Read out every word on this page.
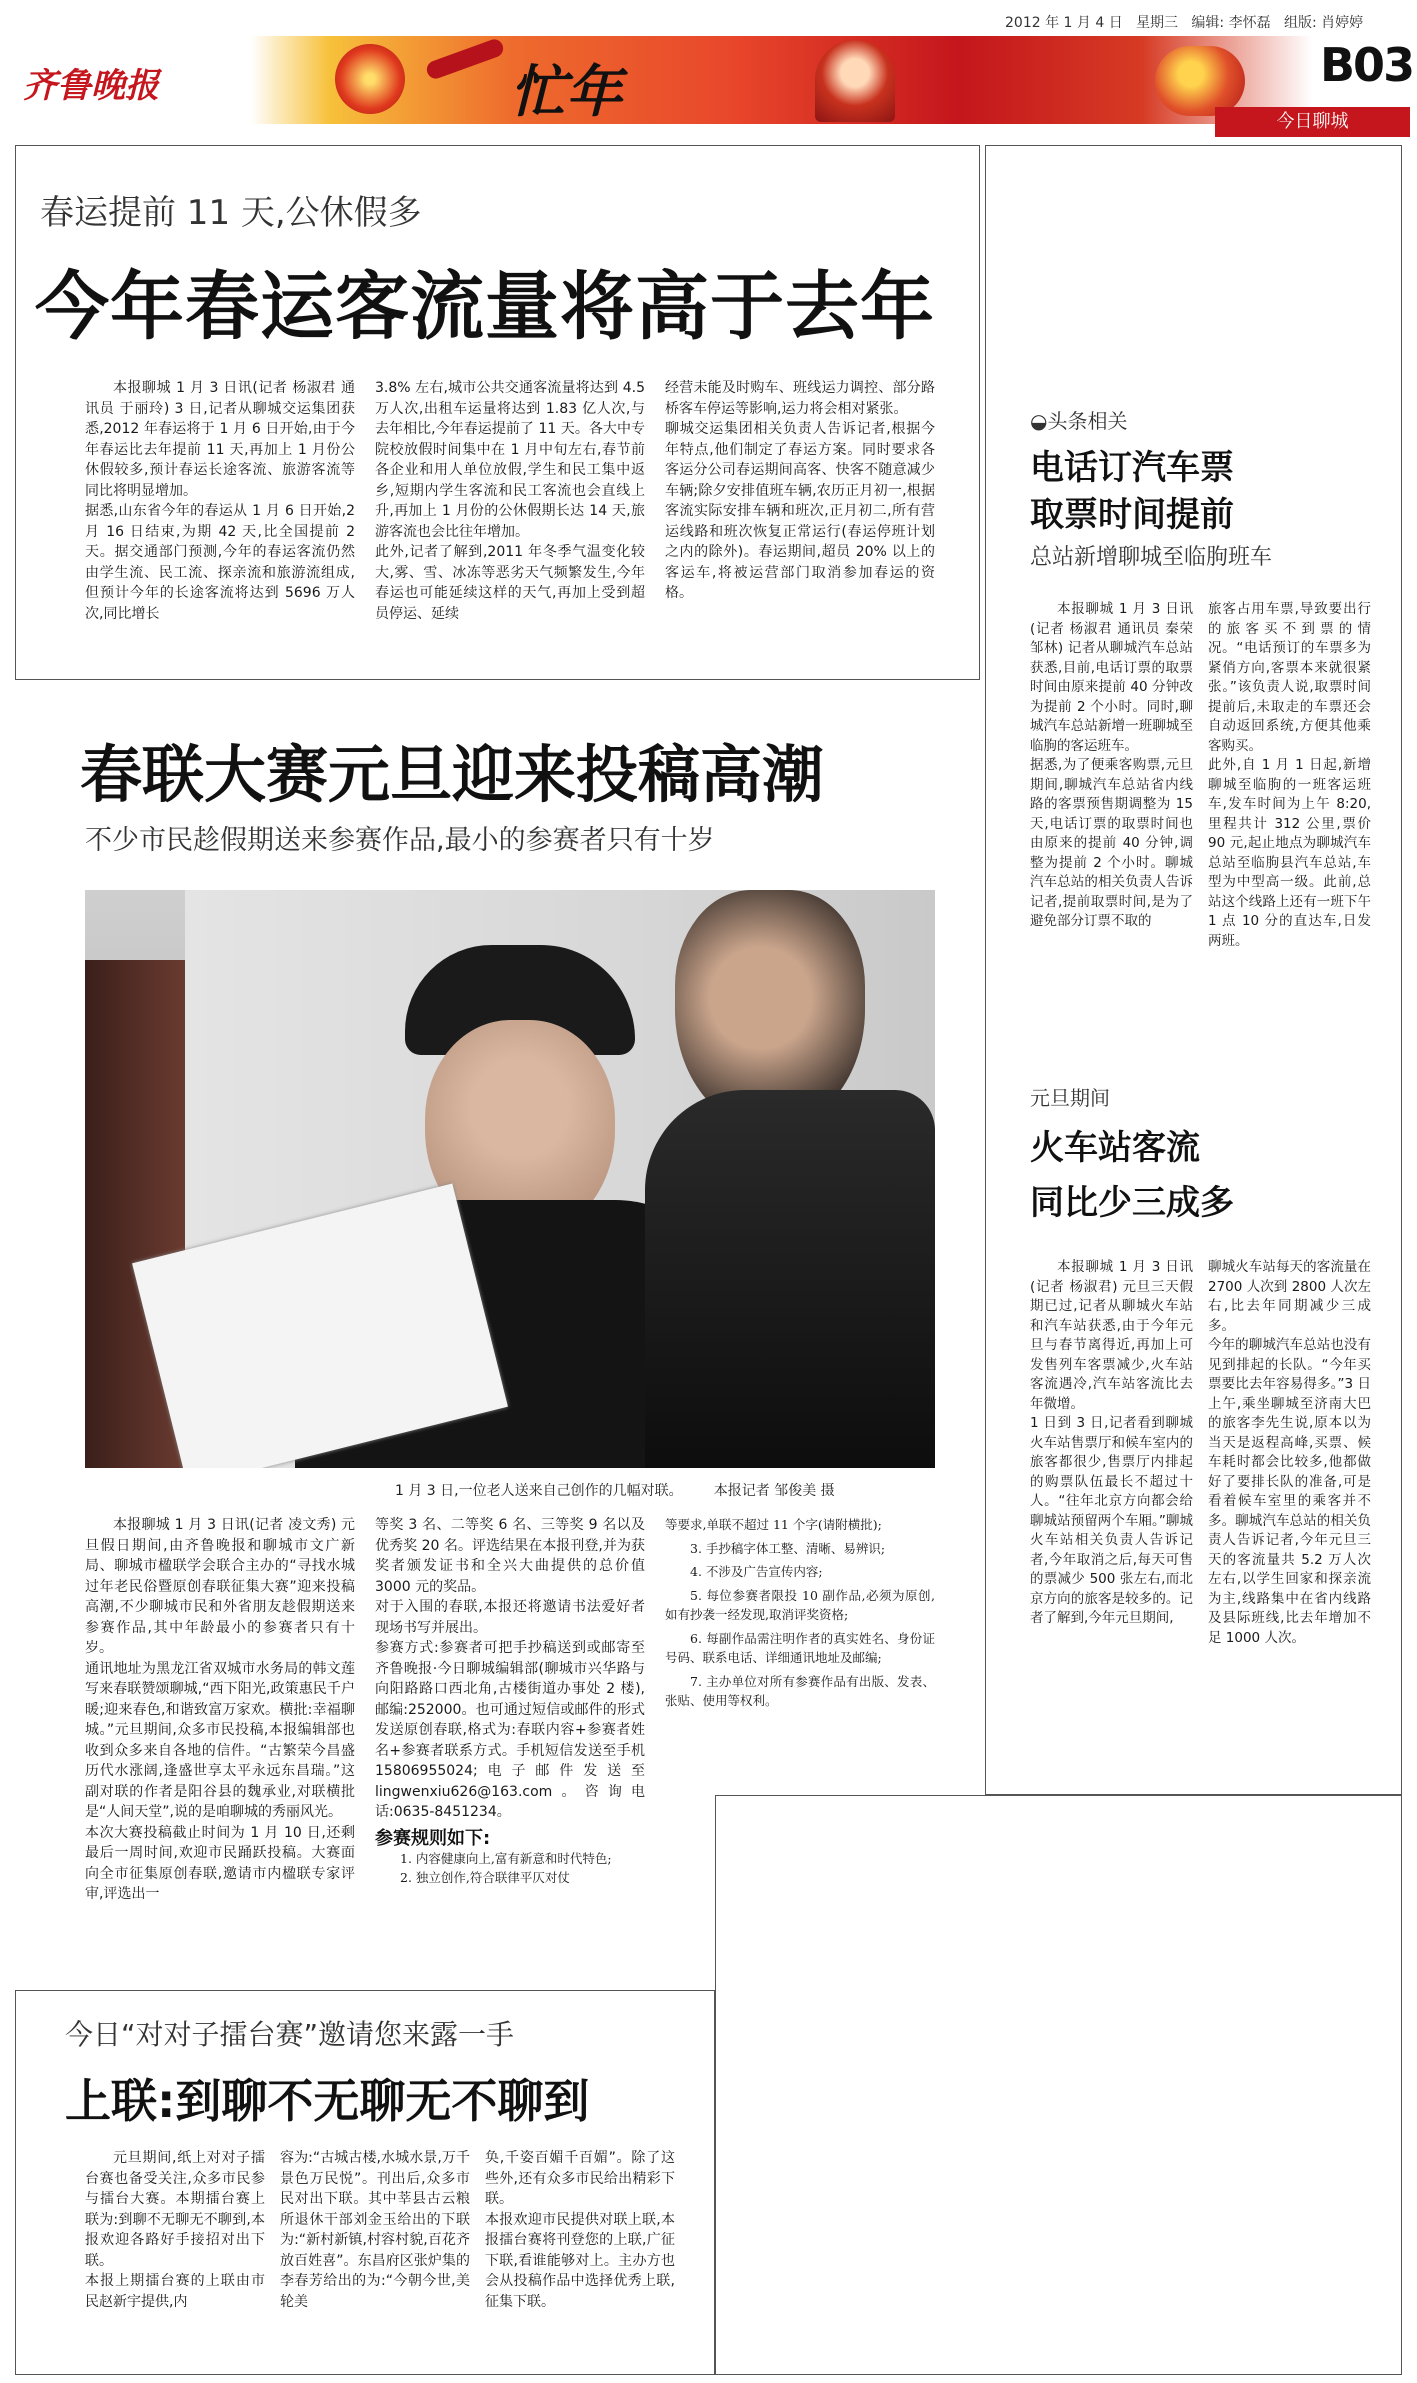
2012 年 1 月 4 日 星期三 编辑: 李怀磊 组版: 肖婷婷
齐鲁晚报	忙年	B03
今日聊城
春运提前 11 天,公休假多
今年春运客流量将高于去年

本报聊城 1 月 3 日讯(记者 杨淑君 通讯员 于丽玲) 3 日,记者从聊城交运集团获悉,2012 年春运将于 1 月 6 日开始,由于今年春运比去年提前 11 天,再加上 1 月份公休假较多,预计春运长途客流、旅游客流等同比将明显增加。
据悉,山东省今年的春运从 1 月 6 日开始,2 月 16 日结束,为期 42 天,比全国提前 2 天。据交通部门预测,今年的春运客流仍然由学生流、民工流、探亲流和旅游流组成,但预计今年的长途客流将达到 5696 万人次,同比增长

3.8% 左右,城市公共交通客流量将达到 4.5 万人次,出租车运量将达到 1.83 亿人次,与去年相比,今年春运提前了 11 天。各大中专院校放假时间集中在 1 月中旬左右,春节前各企业和用人单位放假,学生和民工集中返乡,短期内学生客流和民工客流也会直线上升,再加上 1 月份的公休假期长达 14 天,旅游客流也会比往年增加。
此外,记者了解到,2011 年冬季气温变化较大,雾、雪、冰冻等恶劣天气频繁发生,今年春运也可能延续这样的天气,再加上受到超员停运、延续

经营未能及时购车、班线运力调控、部分路桥客车停运等影响,运力将会相对紧张。
聊城交运集团相关负责人告诉记者,根据今年特点,他们制定了春运方案。同时要求各客运分公司春运期间高客、快客不随意减少车辆;除夕安排值班车辆,农历正月初一,根据客流实际安排车辆和班次,正月初二,所有营运线路和班次恢复正常运行(春运停班计划之内的除外)。春运期间,超员 20% 以上的客运车,将被运营部门取消参加春运的资格。

春联大赛元旦迎来投稿高潮
不少市民趁假期送来参赛作品,最小的参赛者只有十岁
1 月 3 日,一位老人送来自己创作的几幅对联。 本报记者 邹俊美 摄

本报聊城 1 月 3 日讯(记者 凌文秀) 元旦假日期间,由齐鲁晚报和聊城市文广新局、聊城市楹联学会联合主办的“寻找水城过年老民俗暨原创春联征集大赛”迎来投稿高潮,不少聊城市民和外省朋友趁假期送来参赛作品,其中年龄最小的参赛者只有十岁。
通讯地址为黑龙江省双城市水务局的韩文莲写来春联赞颂聊城,“西下阳光,政策惠民千户暖;迎来春色,和谐致富万家欢。横批:幸福聊城。”元旦期间,众多市民投稿,本报编辑部也收到众多来自各地的信件。“古繁荣今昌盛历代水涨阔,逢盛世享太平永远东昌瑞。”这副对联的作者是阳谷县的魏承业,对联横批是“人间天堂”,说的是咱聊城的秀丽风光。
本次大赛投稿截止时间为 1 月 10 日,还剩最后一周时间,欢迎市民踊跃投稿。大赛面向全市征集原创春联,邀请市内楹联专家评审,评选出一

等奖 3 名、二等奖 6 名、三等奖 9 名以及优秀奖 20 名。评选结果在本报刊登,并为获奖者颁发证书和全兴大曲提供的总价值 3000 元的奖品。
对于入围的春联,本报还将邀请书法爱好者现场书写并展出。
参赛方式:参赛者可把手抄稿送到或邮寄至齐鲁晚报·今日聊城编辑部(聊城市兴华路与向阳路路口西北角,古楼街道办事处 2 楼),邮编:252000。也可通过短信或邮件的形式发送原创春联,格式为:春联内容+参赛者姓名+参赛者联系方式。手机短信发送至手机 15806955024;电子邮件发送至 lingwenxiu626@163.com。咨询电话:0635-8451234。

参赛规则如下:

1. 内容健康向上,富有新意和时代特色;

2. 独立创作,符合联律平仄对仗

等要求,单联不超过 11 个字(请附横批);

3. 手抄稿字体工整、清晰、易辨识;

4. 不涉及广告宣传内容;

5. 每位参赛者限投 10 副作品,必须为原创,如有抄袭一经发现,取消评奖资格;

6. 每副作品需注明作者的真实姓名、身份证号码、联系电话、详细通讯地址及邮编;

7. 主办单位对所有参赛作品有出版、发表、张贴、使用等权利。

今日“对对子擂台赛”邀请您来露一手
上联:到聊不无聊无不聊到

元旦期间,纸上对对子擂台赛也备受关注,众多市民参与擂台大赛。本期擂台赛上联为:到聊不无聊无不聊到,本报欢迎各路好手接招对出下联。
本报上期擂台赛的上联由市民赵新宇提供,内

容为:“古城古楼,水城水景,万千景色万民悦”。刊出后,众多市民对出下联。其中莘县古云粮所退休干部刘金玉给出的下联为:“新村新镇,村容村貌,百花齐放百姓喜”。东昌府区张炉集的李春芳给出的为:“今朝今世,美轮美

奂,千姿百媚千百媚”。除了这些外,还有众多市民给出精彩下联。
本报欢迎市民提供对联上联,本报擂台赛将刊登您的上联,广征下联,看谁能够对上。主办方也会从投稿作品中选择优秀上联,征集下联。

◒头条相关
电话订汽车票
取票时间提前
总站新增聊城至临朐班车

本报聊城 1 月 3 日讯(记者 杨淑君 通讯员 秦荣 邹林) 记者从聊城汽车总站获悉,目前,电话订票的取票时间由原来提前 40 分钟改为提前 2 个小时。同时,聊城汽车总站新增一班聊城至临朐的客运班车。
据悉,为了便乘客购票,元旦期间,聊城汽车总站省内线路的客票预售期调整为 15 天,电话订票的取票时间也由原来的提前 40 分钟,调整为提前 2 个小时。聊城汽车总站的相关负责人告诉记者,提前取票时间,是为了避免部分订票不取的

旅客占用车票,导致要出行的旅客买不到票的情况。“电话预订的车票多为紧俏方向,客票本来就很紧张。”该负责人说,取票时间提前后,未取走的车票还会自动返回系统,方便其他乘客购买。
此外,自 1 月 1 日起,新增聊城至临朐的一班客运班车,发车时间为上午 8:20,里程共计 312 公里,票价 90 元,起止地点为聊城汽车总站至临朐县汽车总站,车型为中型高一级。此前,总站这个线路上还有一班下午 1 点 10 分的直达车,日发两班。

元旦期间
火车站客流
同比少三成多

本报聊城 1 月 3 日讯(记者 杨淑君) 元旦三天假期已过,记者从聊城火车站和汽车站获悉,由于今年元旦与春节离得近,再加上可发售列车客票减少,火车站客流遇冷,汽车站客流比去年微增。
1 日到 3 日,记者看到聊城火车站售票厅和候车室内的旅客都很少,售票厅内排起的购票队伍最长不超过十人。“往年北京方向都会给聊城站预留两个车厢。”聊城火车站相关负责人告诉记者,今年取消之后,每天可售的票减少 500 张左右,而北京方向的旅客是较多的。记者了解到,今年元旦期间,

聊城火车站每天的客流量在 2700 人次到 2800 人次左右,比去年同期减少三成多。
今年的聊城汽车总站也没有见到排起的长队。“今年买票要比去年容易得多。”3 日上午,乘坐聊城至济南大巴的旅客李先生说,原本以为当天是返程高峰,买票、候车耗时都会比较多,他都做好了要排长队的准备,可是看着候车室里的乘客并不多。聊城汽车总站的相关负责人告诉记者,今年元旦三天的客流量共 5.2 万人次左右,以学生回家和探亲流为主,线路集中在省内线路及县际班线,比去年增加不足 1000 人次。
